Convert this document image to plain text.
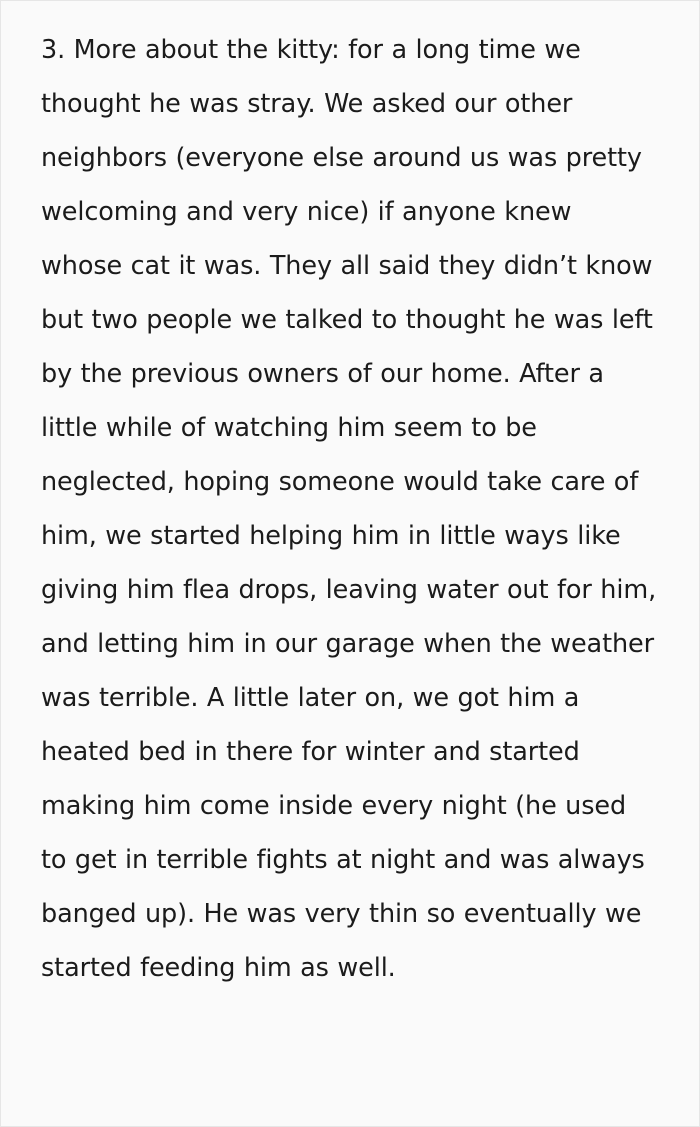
3. More about the kitty: for a long time we thought he was stray. We asked our other neighbors (everyone else around us was pretty welcoming and very nice) if anyone knew whose cat it was. They all said they didn’t know but two people we talked to thought he was left by the previous owners of our home. After a little while of watching him seem to be neglected, hoping someone would take care of him, we started helping him in little ways like giving him flea drops, leaving water out for him, and letting him in our garage when the weather was terrible. A little later on, we got him a heated bed in there for winter and started making him come inside every night (he used to get in terrible fights at night and was always banged up). He was very thin so eventually we started feeding him as well.
